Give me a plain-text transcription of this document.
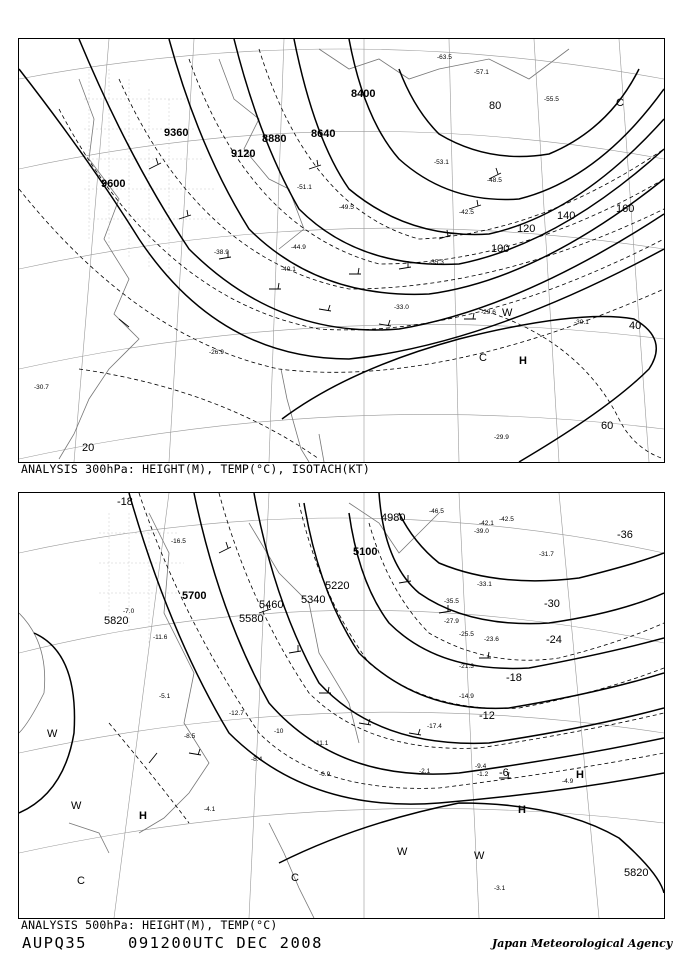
8400
8640
8880
9120
9360
9600
20
40
60
80
100
120
140
160
C
-63.5
-57.1
-55.5
-53.1
-51.1
-49.5
-48.5
-44.9
-42.5
-40.1
-38.9
-35.3
-33.0
-30.1
-29.9
-29.6
-26.9
-30.7
H
W
C
ANALYSIS 300hPa: HEIGHT(M), TEMP(°C), ISOTACH(KT)
4980
5100
5220
5340
5460
5580
5700
5820
5820
-46.5
-42.1
-42.5
-39.0	-36
-35.5
-33.1
-31.7
-30
-27.9
-25.5	-24
-23.6
-21.3
-18
-17.4
-14.9
-12
-12.7
-11.1
-9.4
-8.4
-6
-6.9
-4.9
-4.1
-3.1
-2.1	-1.2
-18
-16.5
-11.6
-7.0
-5.1
-8.5
-10
H	H
H
W
W
W	W
C	C
ANALYSIS 500hPa: HEIGHT(M), TEMP(°C)
AUPQ35	091200UTC DEC 2008	Japan Meteorological Agency
